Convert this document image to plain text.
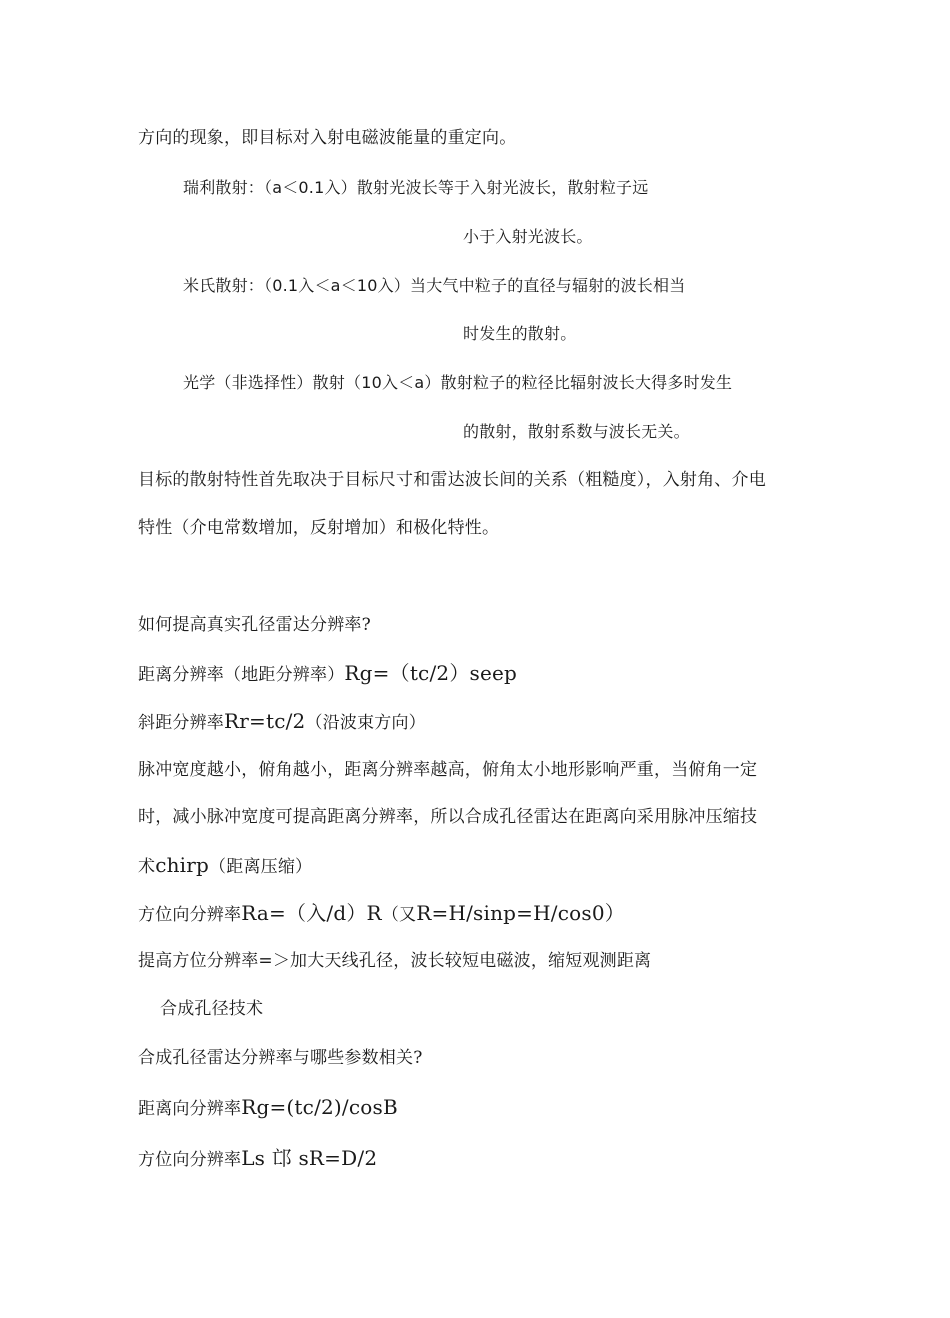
方向的现象，即目标对入射电磁波能量的重定向。
瑞利散射：（a＜0.1入）散射光波长等于入射光波长，散射粒子远
小于入射光波长。
米氏散射：（0.1入＜a＜10入）当大气中粒子的直径与辐射的波长相当
时发生的散射。
光学（非选择性）散射（10入＜a）散射粒子的粒径比辐射波长大得多时发生
的散射，散射系数与波长无关。
目标的散射特性首先取决于目标尺寸和雷达波长间的关系（粗糙度），入射角、介电
特性（介电常数增加，反射增加）和极化特性。
如何提高真实孔径雷达分辨率?
距离分辨率（地距分辨率）Rg=（tc/2）seep
斜距分辨率Rr=tc/2（沿波束方向）
脉冲宽度越小，俯角越小，距离分辨率越高，俯角太小地形影响严重，当俯角一定
时，减小脉冲宽度可提高距离分辨率，所以合成孔径雷达在距离向采用脉冲压缩技
术chirp（距离压缩）
方位向分辨率Ra=（入/d）R（又R=H/sinp=H/cos0）
提高方位分辨率=＞加大天线孔径，波长较短电磁波，缩短观测距离
合成孔径技术
合成孔径雷达分辨率与哪些参数相关?
距离向分辨率Rg=(tc/2)/cosB
方位向分辨率Ls 邙 sR=D/2
